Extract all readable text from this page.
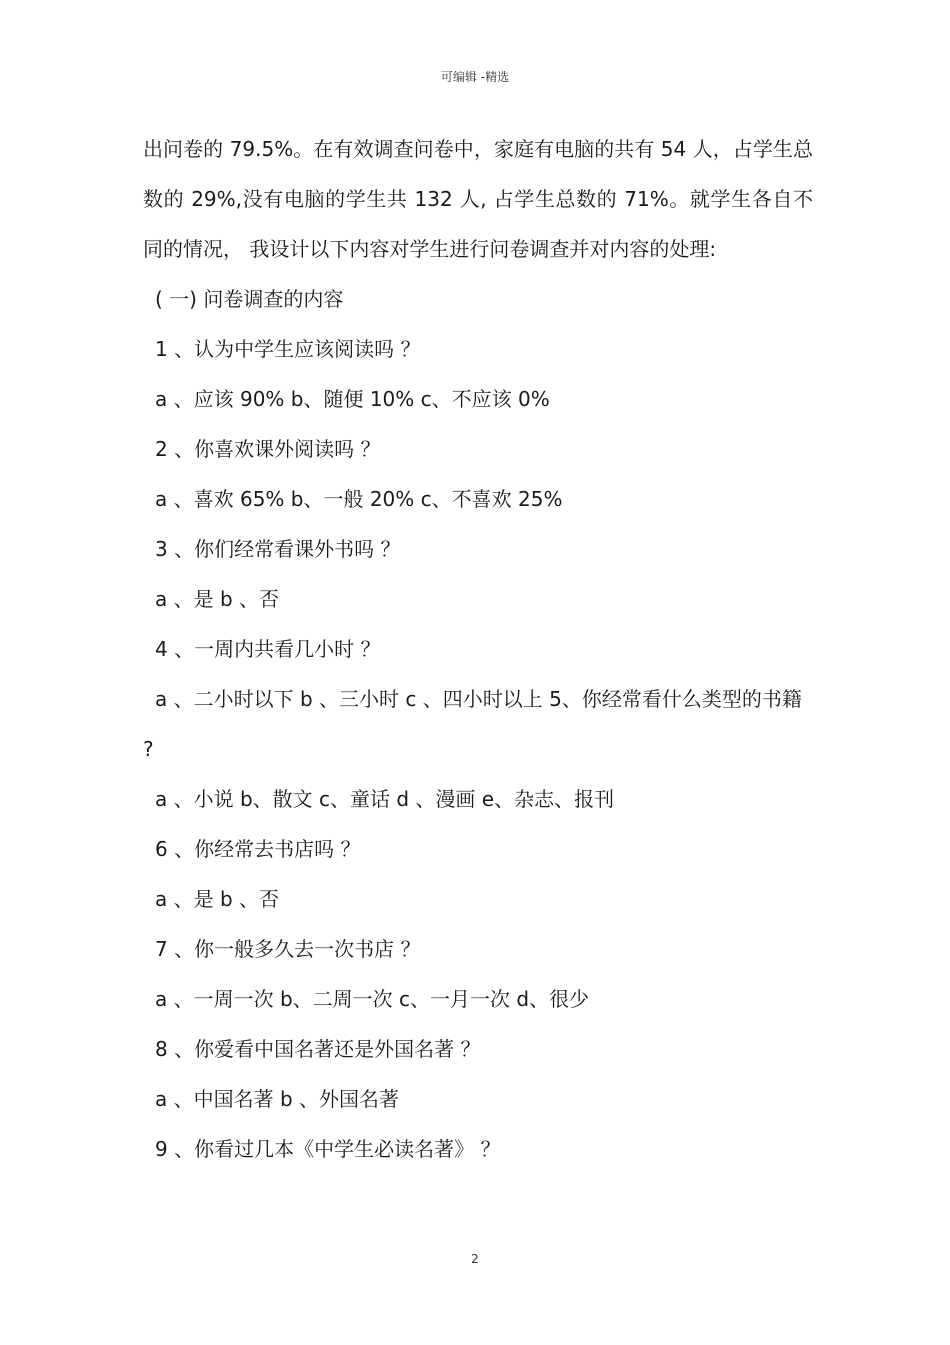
可编辑 -精选

出问卷的 79.5%。在有效调查问卷中，家庭有电脑的共有 54 人，占学生总数的 29%,没有电脑的学生共 132 人, 占学生总数的 71%。就学生各自不同的情况， 我设计以下内容对学生进行问卷调查并对内容的处理:

( 一) 问卷调查的内容

1 、认为中学生应该阅读吗 ？

a 、应该 90% b、随便 10% c、不应该 0%

2 、你喜欢课外阅读吗 ？

a 、喜欢 65% b、一般 20% c、不喜欢 25%

3 、你们经常看课外书吗 ？

a 、是 b 、否

4 、一周内共看几小时 ？

a 、二小时以下 b 、三小时 c 、四小时以上 5、你经常看什么类型的书籍 ?

a 、小说 b、散文 c、童话 d 、漫画 e、杂志、报刊

6 、你经常去书店吗 ？

a 、是 b 、否

7 、你一般多久去一次书店 ？

a 、一周一次 b、二周一次 c、一月一次 d、很少

8 、你爱看中国名著还是外国名著 ？

a 、中国名著 b 、外国名著

9 、你看过几本《中学生必读名著》 ？

2
